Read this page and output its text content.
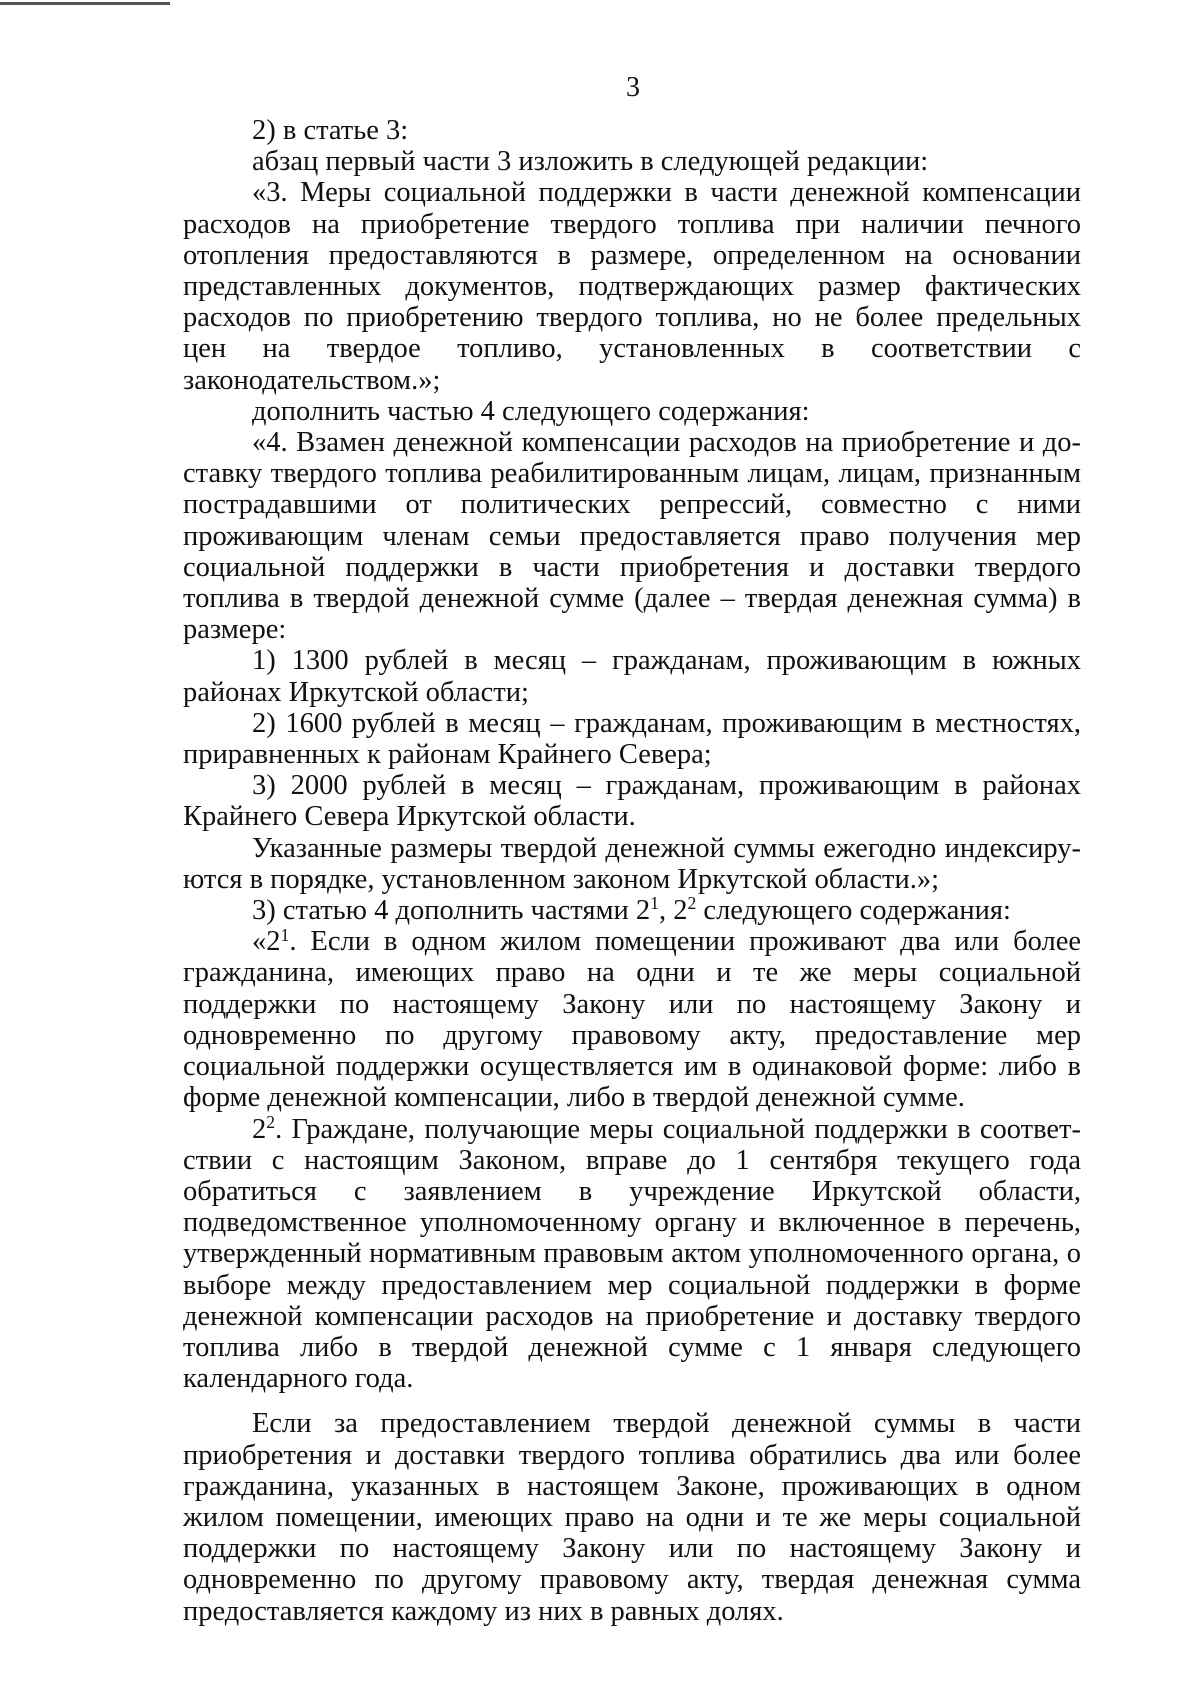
3

2) в статье 3:

абзац первый части 3 изложить в следующей редакции:

«3. Меры социальной поддержки в части денежной компенсации расходов на приобретение твердого топлива при наличии печного отопления предоставляются в размере, определенном на основании представленных документов, подтверждающих размер фактических расходов по приобретению твердого топлива, но не более предельных цен на твердое топливо, установленных в соответствии с законодательством.»;

дополнить частью 4 следующего содержания:

«4. Взамен денежной компенсации расходов на приобретение и доставку твердого топлива реабилитированным лицам, лицам, признанным пострадавшими от политических репрессий, совместно с ними проживающим членам семьи предоставляется право получения мер социальной поддержки в части приобретения и доставки твердого топлива в твердой денежной сумме (далее – твердая денежная сумма) в размере:

1) 1300 рублей в месяц – гражданам, проживающим в южных районах Иркутской области;

2) 1600 рублей в месяц – гражданам, проживающим в местностях, приравненных к районам Крайнего Севера;

3) 2000 рублей в месяц – гражданам, проживающим в районах Крайнего Севера Иркутской области.

Указанные размеры твердой денежной суммы ежегодно индексируются в порядке, установленном законом Иркутской области.»;

3) статью 4 дополнить частями $2^1$, $2^2$ следующего содержания:

«$2^1$. Если в одном жилом помещении проживают два или более гражданина, имеющих право на одни и те же меры социальной поддержки по настоящему Закону или по настоящему Закону и одновременно по другому правовому акту, предоставление мер социальной поддержки осуществляется им в одинаковой форме: либо в форме денежной компенсации, либо в твердой денежной сумме.

$2^2$. Граждане, получающие меры социальной поддержки в соответствии с настоящим Законом, вправе до 1 сентября текущего года обратиться с заявлением в учреждение Иркутской области, подведомственное уполномоченному органу и включенное в перечень, утвержденный нормативным правовым актом уполномоченного органа, о выборе между предоставлением мер социальной поддержки в форме денежной компенсации расходов на приобретение и доставку твердого топлива либо в твердой денежной сумме с 1 января следующего календарного года.

Если за предоставлением твердой денежной суммы в части приобретения и доставки твердого топлива обратились два или более гражданина, указанных в настоящем Законе, проживающих в одном жилом помещении, имеющих право на одни и те же меры социальной поддержки по настоящему Закону или по настоящему Закону и одновременно по другому правовому акту, твердая денежная сумма предоставляется каждому из них в равных долях.
